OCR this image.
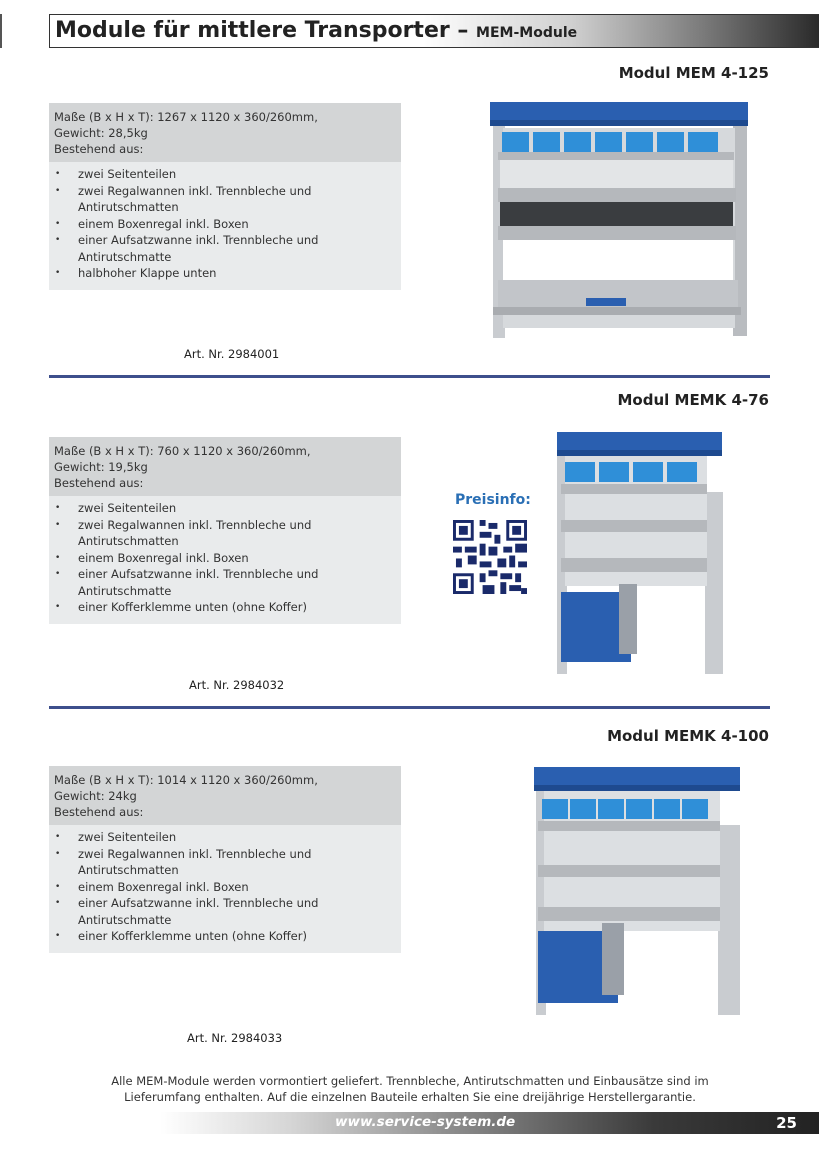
Module für mittlere Transporter – MEM-Module
Modul MEM 4-125
Maße (B x H x T): 1267 x 1120 x 360/260mm,
Gewicht: 28,5kg
Bestehend aus:
• zwei Seitenteilen
• zwei Regalwannen inkl. Trennbleche und
Antirutschmatten
• einem Boxenregal inkl. Boxen
• einer Aufsatzwanne inkl. Trennbleche und
Antirutschmatte
• halbhoher Klappe unten
Art. Nr. 2984001
Modul MEMK 4-76
Maße (B x H x T): 760 x 1120 x 360/260mm,
Gewicht: 19,5kg
Bestehend aus:
• zwei Seitenteilen
• zwei Regalwannen inkl. Trennbleche und
Antirutschmatten
• einem Boxenregal inkl. Boxen
• einer Aufsatzwanne inkl. Trennbleche und
Antirutschmatte
• einer Kofferklemme unten (ohne Koffer)
Art. Nr. 2984032
Preisinfo:
Modul MEMK 4-100
Maße (B x H x T): 1014 x 1120 x 360/260mm,
Gewicht: 24kg
Bestehend aus:
• zwei Seitenteilen
• zwei Regalwannen inkl. Trennbleche und
Antirutschmatten
• einem Boxenregal inkl. Boxen
• einer Aufsatzwanne inkl. Trennbleche und
Antirutschmatte
• einer Kofferklemme unten (ohne Koffer)
Art. Nr. 2984033
Alle MEM-Module werden vormontiert geliefert. Trennbleche, Antirutschmatten und Einbausätze sind im
Lieferumfang enthalten. Auf die einzelnen Bauteile erhalten Sie eine dreijährige Herstellergarantie.
www.service-system.de	25
